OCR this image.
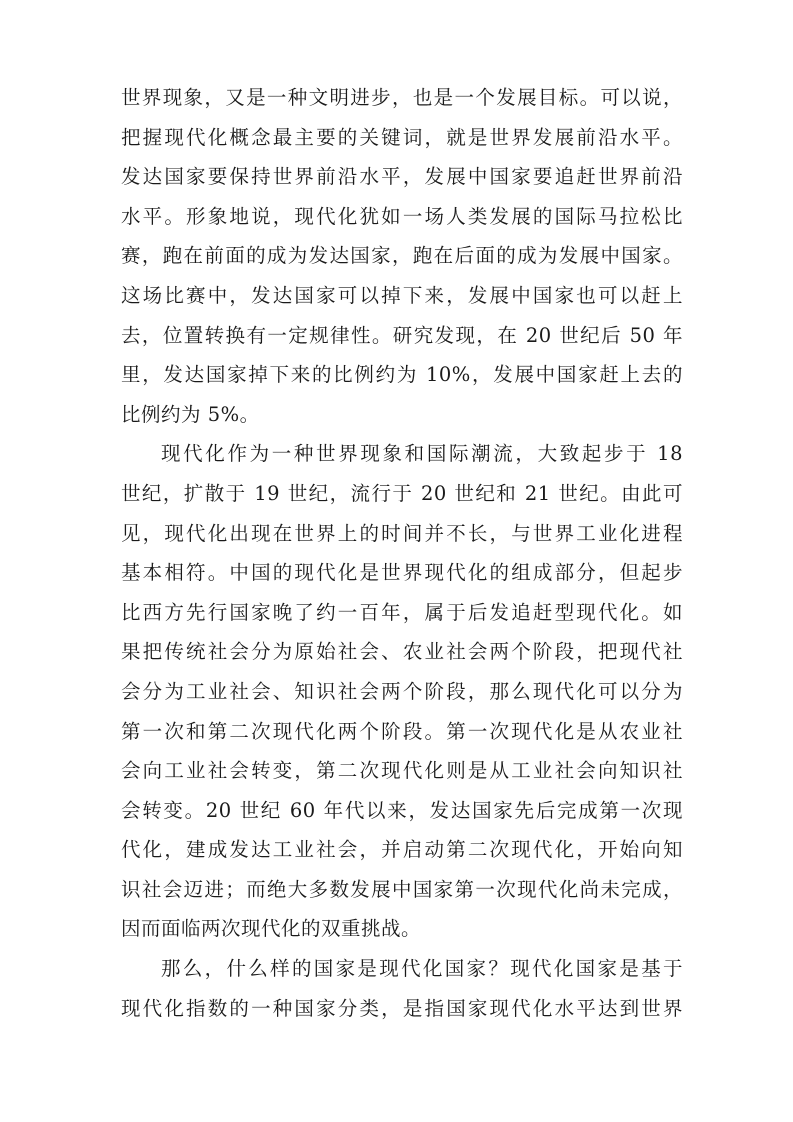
世界现象，又是一种文明进步，也是一个发展目标。可以说，
把握现代化概念最主要的关键词，就是世界发展前沿水平。
发达国家要保持世界前沿水平，发展中国家要追赶世界前沿
水平。形象地说，现代化犹如一场人类发展的国际马拉松比
赛，跑在前面的成为发达国家，跑在后面的成为发展中国家。
这场比赛中，发达国家可以掉下来，发展中国家也可以赶上
去，位置转换有一定规律性。研究发现，在 20 世纪后 50 年
里，发达国家掉下来的比例约为 10%，发展中国家赶上去的
比例约为 5%。
现代化作为一种世界现象和国际潮流，大致起步于 18
世纪，扩散于 19 世纪，流行于 20 世纪和 21 世纪。由此可
见，现代化出现在世界上的时间并不长，与世界工业化进程
基本相符。中国的现代化是世界现代化的组成部分，但起步
比西方先行国家晚了约一百年，属于后发追赶型现代化。如
果把传统社会分为原始社会、农业社会两个阶段，把现代社
会分为工业社会、知识社会两个阶段，那么现代化可以分为
第一次和第二次现代化两个阶段。第一次现代化是从农业社
会向工业社会转变，第二次现代化则是从工业社会向知识社
会转变。20 世纪 60 年代以来，发达国家先后完成第一次现
代化，建成发达工业社会，并启动第二次现代化，开始向知
识社会迈进；而绝大多数发展中国家第一次现代化尚未完成，
因而面临两次现代化的双重挑战。
那么，什么样的国家是现代化国家？现代化国家是基于
现代化指数的一种国家分类，是指国家现代化水平达到世界
